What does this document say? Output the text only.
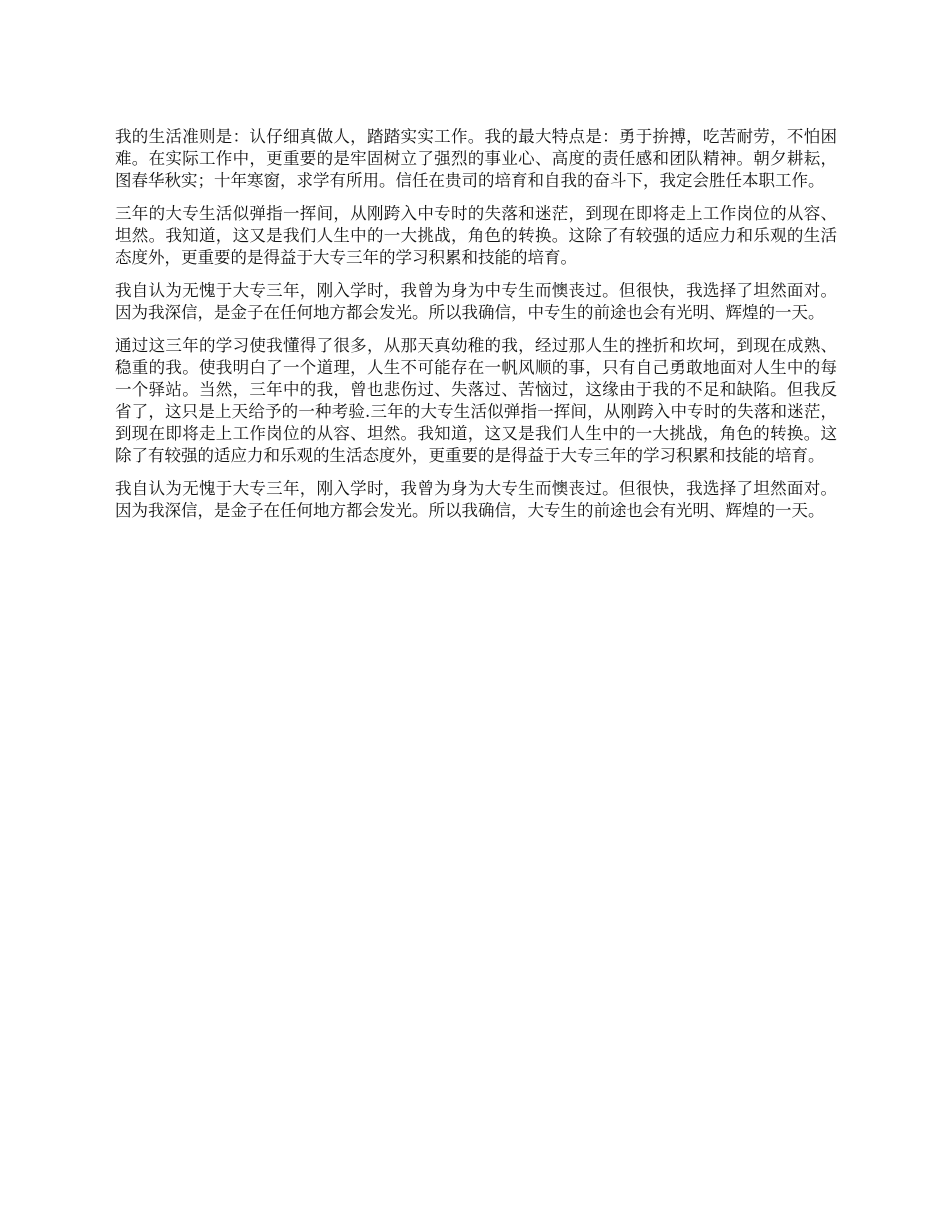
我的生活准则是：认仔细真做人，踏踏实实工作。我的最大特点是：勇于拚搏，吃苦耐劳，不怕困难。在实际工作中，更重要的是牢固树立了强烈的事业心、高度的责任感和团队精神。朝夕耕耘，图春华秋实；十年寒窗，求学有所用。信任在贵司的培育和自我的奋斗下，我定会胜任本职工作。

三年的大专生活似弹指一挥间，从刚跨入中专时的失落和迷茫，到现在即将走上工作岗位的从容、坦然。我知道，这又是我们人生中的一大挑战，角色的转换。这除了有较强的适应力和乐观的生活态度外，更重要的是得益于大专三年的学习积累和技能的培育。

我自认为无愧于大专三年，刚入学时，我曾为身为中专生而懊丧过。但很快，我选择了坦然面对。因为我深信，是金子在任何地方都会发光。所以我确信，中专生的前途也会有光明、辉煌的一天。

通过这三年的学习使我懂得了很多，从那天真幼稚的我，经过那人生的挫折和坎坷，到现在成熟、稳重的我。使我明白了一个道理，人生不可能存在一帆风顺的事，只有自己勇敢地面对人生中的每一个驿站。当然，三年中的我，曾也悲伤过、失落过、苦恼过，这缘由于我的不足和缺陷。但我反省了，这只是上天给予的一种考验.三年的大专生活似弹指一挥间，从刚跨入中专时的失落和迷茫，到现在即将走上工作岗位的从容、坦然。我知道，这又是我们人生中的一大挑战，角色的转换。这除了有较强的适应力和乐观的生活态度外，更重要的是得益于大专三年的学习积累和技能的培育。

我自认为无愧于大专三年，刚入学时，我曾为身为大专生而懊丧过。但很快，我选择了坦然面对。因为我深信，是金子在任何地方都会发光。所以我确信，大专生的前途也会有光明、辉煌的一天。
